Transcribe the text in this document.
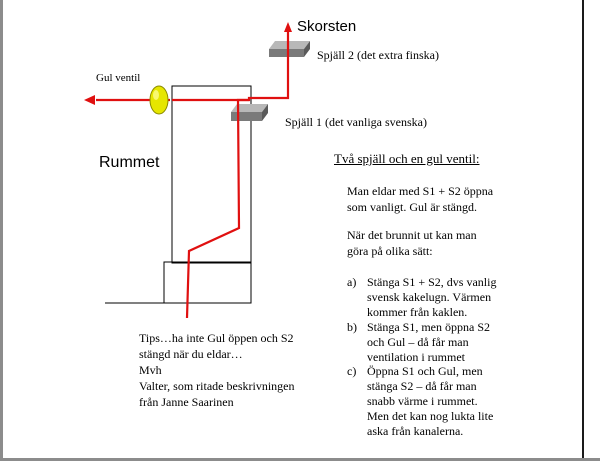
Skorsten
Spjäll 2 (det extra finska)
Spjäll 1 (det vanliga svenska)
Gul ventil
Rummet	Två spjäll och en gul ventil:
Man eldar med S1 + S2 öppna
som vanligt. Gul är stängd.
När det brunnit ut kan man
göra på olika sätt:
a) Stänga S1 + S2, dvs vanlig
svensk kakelugn. Värmen
kommer från kaklen.
b) Stänga S1, men öppna S2
och Gul – då får man
ventilation i rummet
c) Öppna S1 och Gul, men
stänga S2 – då får man
snabb värme i rummet.
Men det kan nog lukta lite
aska från kanalerna.
Tips…ha inte Gul öppen och S2
stängd när du eldar…
Mvh
Valter, som ritade beskrivningen
från Janne Saarinen
